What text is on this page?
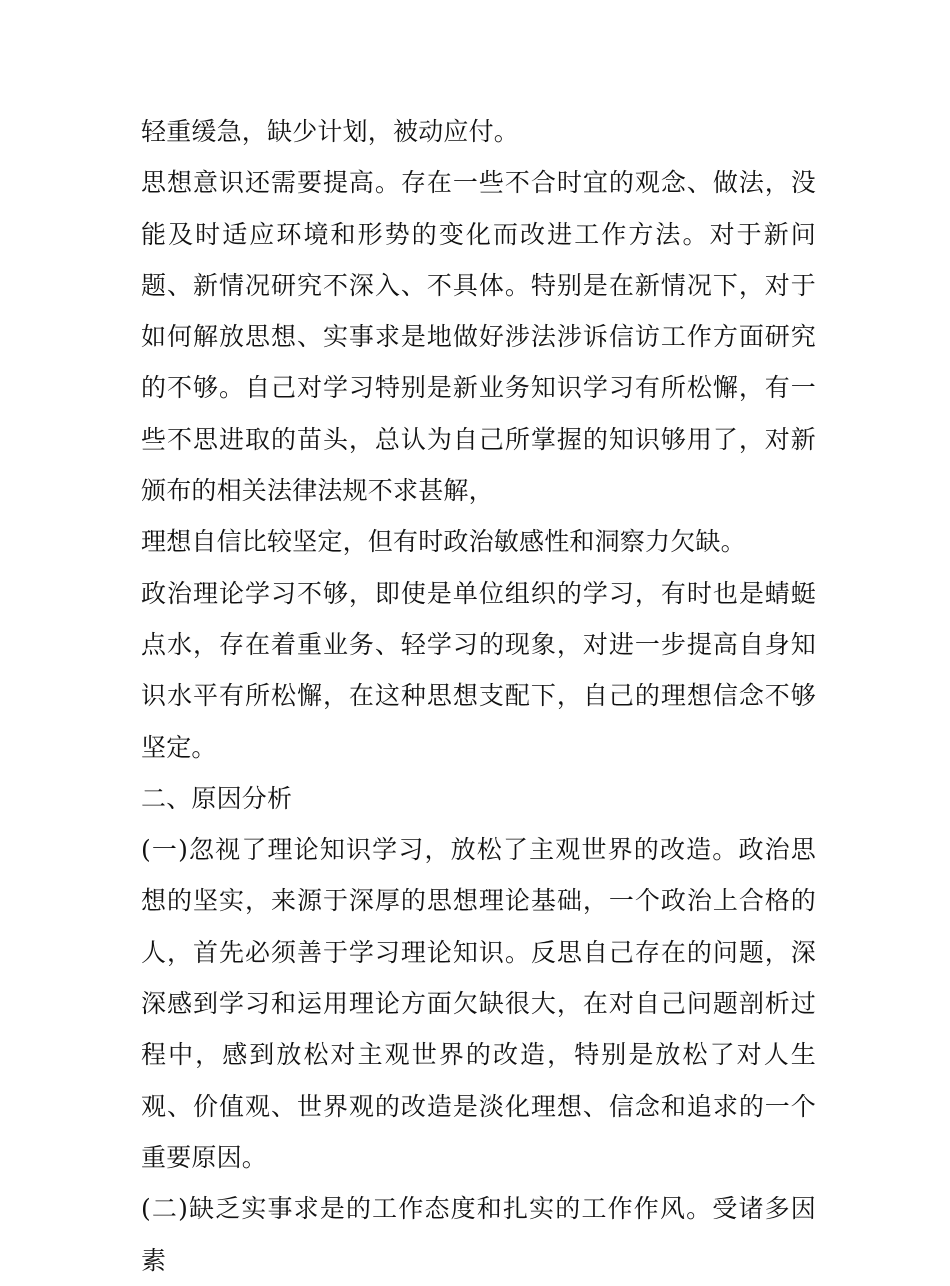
轻重缓急，缺少计划，被动应付。

思想意识还需要提高。存在一些不合时宜的观念、做法，没能及时适应环境和形势的变化而改进工作方法。对于新问题、新情况研究不深入、不具体。特别是在新情况下，对于如何解放思想、实事求是地做好涉法涉诉信访工作方面研究的不够。自己对学习特别是新业务知识学习有所松懈，有一些不思进取的苗头，总认为自己所掌握的知识够用了，对新颁布的相关法律法规不求甚解，

理想自信比较坚定，但有时政治敏感性和洞察力欠缺。

政治理论学习不够，即使是单位组织的学习，有时也是蜻蜓点水，存在着重业务、轻学习的现象，对进一步提高自身知识水平有所松懈，在这种思想支配下，自己的理想信念不够坚定。

二、原因分析

(一)忽视了理论知识学习，放松了主观世界的改造。政治思想的坚实，来源于深厚的思想理论基础，一个政治上合格的人，首先必须善于学习理论知识。反思自己存在的问题，深深感到学习和运用理论方面欠缺很大，在对自己问题剖析过程中，感到放松对主观世界的改造，特别是放松了对人生观、价值观、世界观的改造是淡化理想、信念和追求的一个重要原因。

(二)缺乏实事求是的工作态度和扎实的工作作风。受诸多因素
